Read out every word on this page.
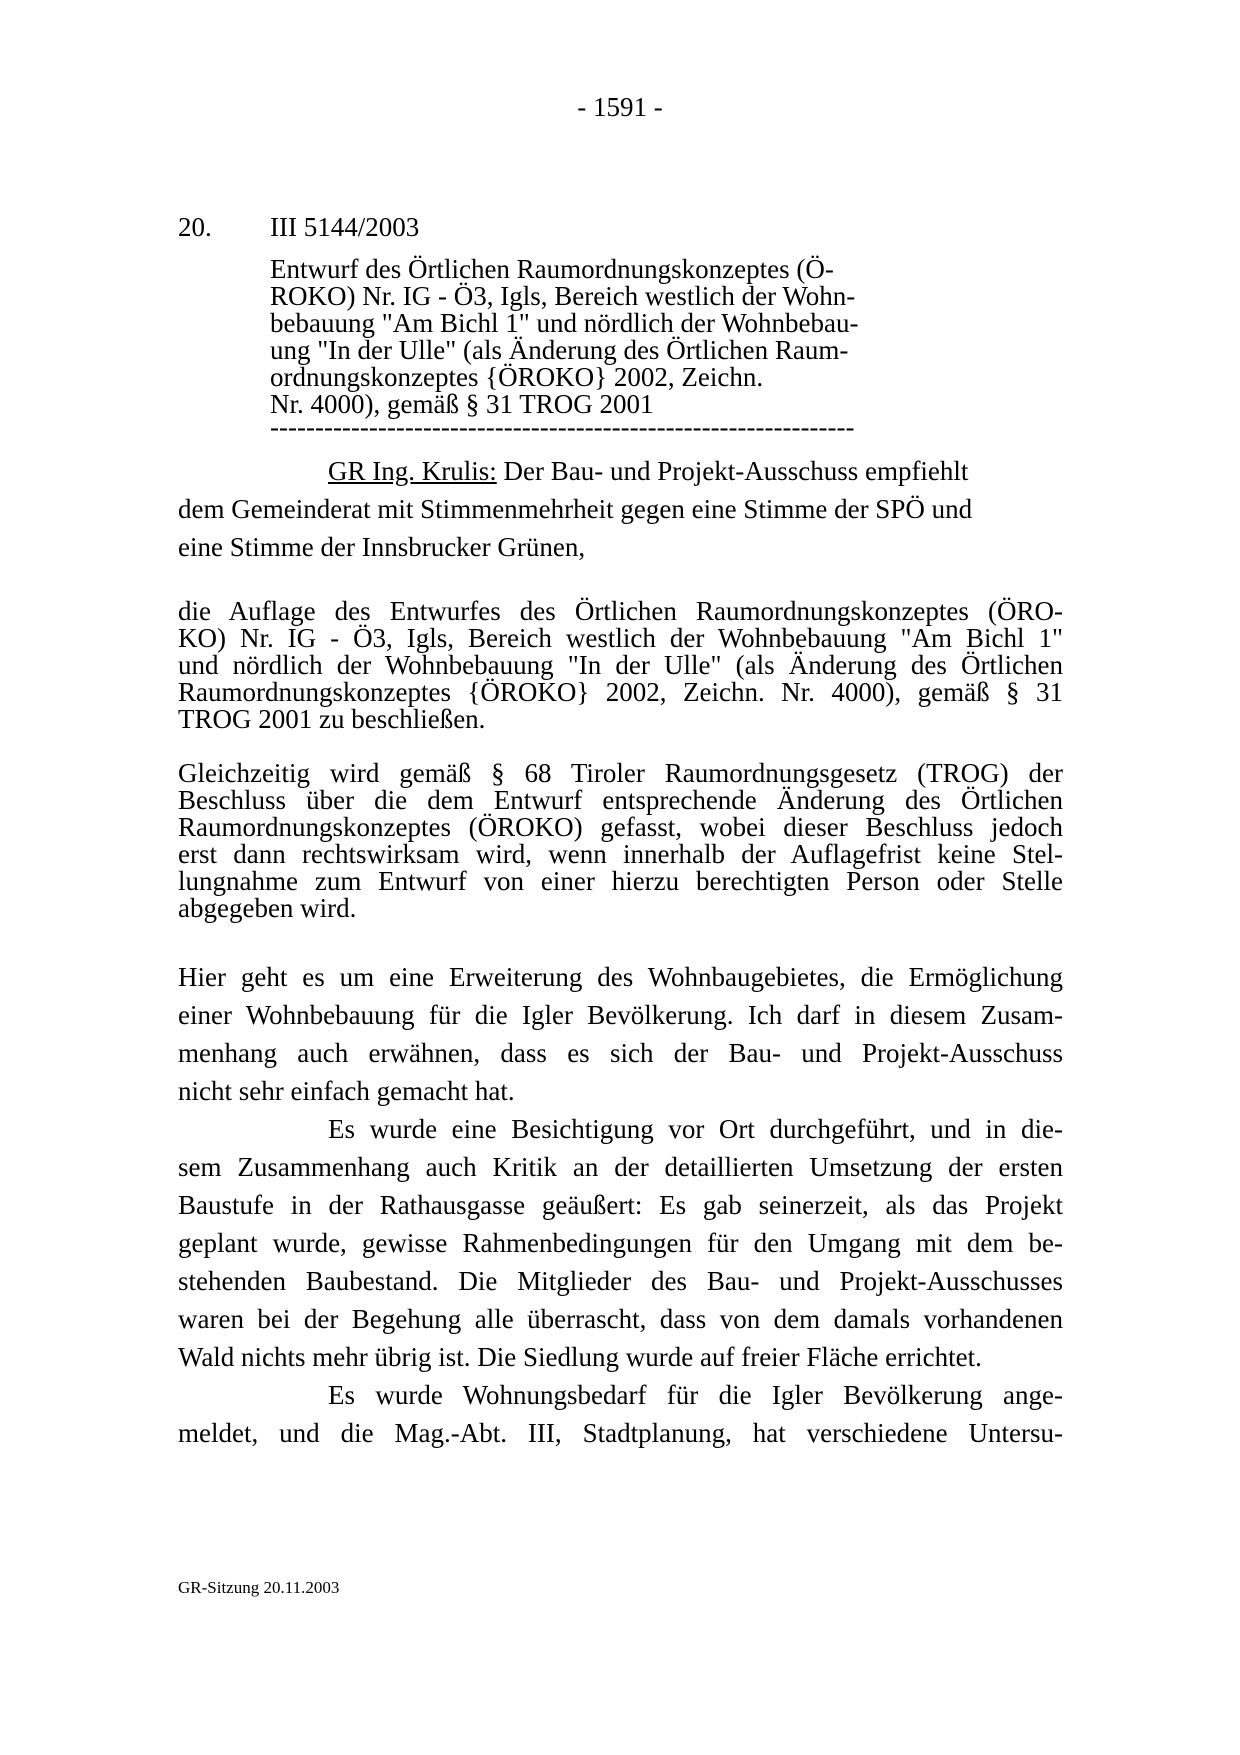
- 1591 -
20. III 5144/2003
Entwurf des Örtlichen Raumordnungskonzeptes (Ö-
ROKO) Nr. IG - Ö3, Igls, Bereich westlich der Wohn-
bebauung "Am Bichl 1" und nördlich der Wohnbebau-
ung "In der Ulle" (als Änderung des Örtlichen Raum-
ordnungskonzeptes {ÖROKO} 2002, Zeichn.
Nr. 4000), gemäß § 31 TROG 2001
-----------------------------------------------------------------
GR Ing. Krulis: Der Bau- und Projekt-Ausschuss empfiehlt
dem Gemeinderat mit Stimmenmehrheit gegen eine Stimme der SPÖ und
eine Stimme der Innsbrucker Grünen,
die Auflage des Entwurfes des Örtlichen Raumordnungskonzeptes (ÖRO-
KO) Nr. IG - Ö3, Igls, Bereich westlich der Wohnbebauung "Am Bichl 1"
und nördlich der Wohnbebauung "In der Ulle" (als Änderung des Örtlichen
Raumordnungskonzeptes {ÖROKO} 2002, Zeichn. Nr. 4000), gemäß § 31
TROG 2001 zu beschließen.
Gleichzeitig wird gemäß § 68 Tiroler Raumordnungsgesetz (TROG) der
Beschluss über die dem Entwurf entsprechende Änderung des Örtlichen
Raumordnungskonzeptes (ÖROKO) gefasst, wobei dieser Beschluss jedoch
erst dann rechtswirksam wird, wenn innerhalb der Auflagefrist keine Stel-
lungnahme zum Entwurf von einer hierzu berechtigten Person oder Stelle
abgegeben wird.

Hier geht es um eine Erweiterung des Wohnbaugebietes, die Ermöglichung
einer Wohnbebauung für die Igler Bevölkerung. Ich darf in diesem Zusam-
menhang auch erwähnen, dass es sich der Bau- und Projekt-Ausschuss
nicht sehr einfach gemacht hat.

Es wurde eine Besichtigung vor Ort durchgeführt, und in die-
sem Zusammenhang auch Kritik an der detaillierten Umsetzung der ersten
Baustufe in der Rathausgasse geäußert: Es gab seinerzeit, als das Projekt
geplant wurde, gewisse Rahmenbedingungen für den Umgang mit dem be-
stehenden Baubestand. Die Mitglieder des Bau- und Projekt-Ausschusses
waren bei der Begehung alle überrascht, dass von dem damals vorhandenen
Wald nichts mehr übrig ist. Die Siedlung wurde auf freier Fläche errichtet.

Es wurde Wohnungsbedarf für die Igler Bevölkerung ange-
meldet, und die Mag.-Abt. III, Stadtplanung, hat verschiedene Untersu-

GR-Sitzung 20.11.2003
